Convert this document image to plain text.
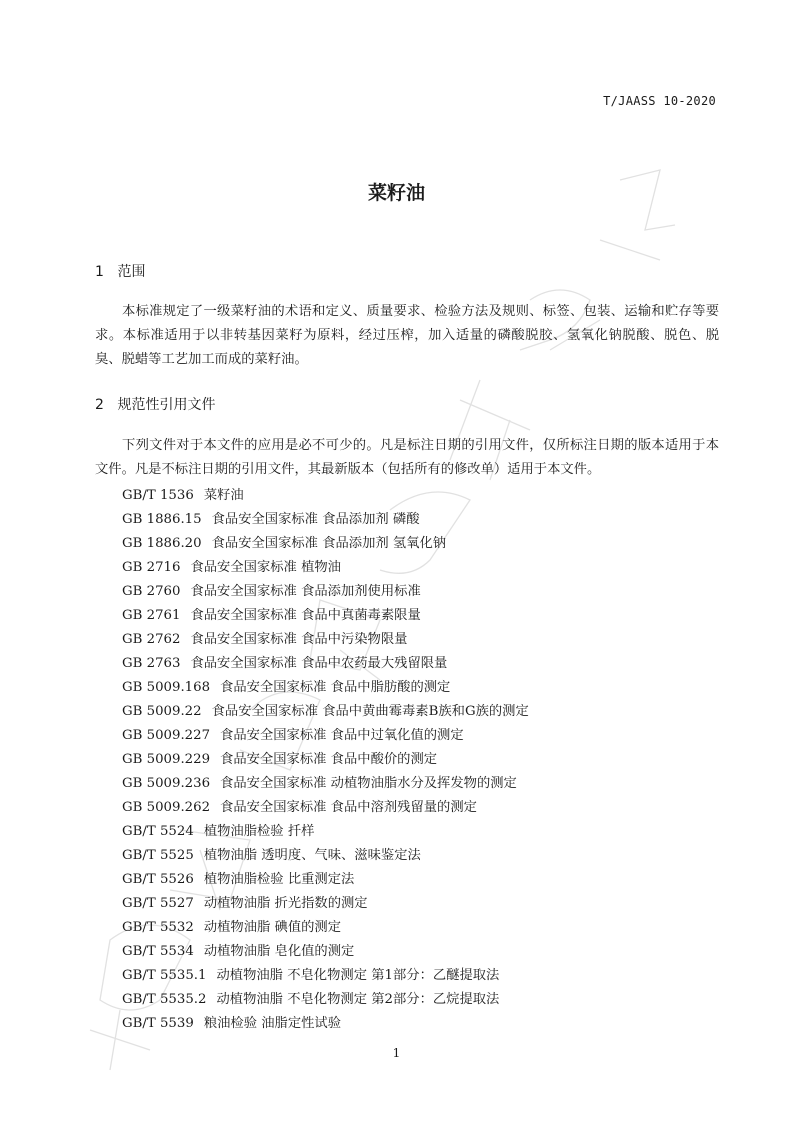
T/JAASS 10-2020
菜籽油
1 范围
本标准规定了一级菜籽油的术语和定义、质量要求、检验方法及规则、标签、包装、运输和贮存等要求。本标准适用于以非转基因菜籽为原料，经过压榨，加入适量的磷酸脱胶、氢氧化钠脱酸、脱色、脱臭、脱蜡等工艺加工而成的菜籽油。
2 规范性引用文件
下列文件对于本文件的应用是必不可少的。凡是标注日期的引用文件，仅所标注日期的版本适用于本文件。凡是不标注日期的引用文件，其最新版本（包括所有的修改单）适用于本文件。
GB/T 1536 菜籽油
GB 1886.15 食品安全国家标准 食品添加剂 磷酸
GB 1886.20 食品安全国家标准 食品添加剂 氢氧化钠
GB 2716 食品安全国家标准 植物油
GB 2760 食品安全国家标准 食品添加剂使用标准
GB 2761 食品安全国家标准 食品中真菌毒素限量
GB 2762 食品安全国家标准 食品中污染物限量
GB 2763 食品安全国家标准 食品中农药最大残留限量
GB 5009.168 食品安全国家标准 食品中脂肪酸的测定
GB 5009.22 食品安全国家标准 食品中黄曲霉毒素B族和G族的测定
GB 5009.227 食品安全国家标准 食品中过氧化值的测定
GB 5009.229 食品安全国家标准 食品中酸价的测定
GB 5009.236 食品安全国家标准 动植物油脂水分及挥发物的测定
GB 5009.262 食品安全国家标准 食品中溶剂残留量的测定
GB/T 5524 植物油脂检验 扦样
GB/T 5525 植物油脂 透明度、气味、滋味鉴定法
GB/T 5526 植物油脂检验 比重测定法
GB/T 5527 动植物油脂 折光指数的测定
GB/T 5532 动植物油脂 碘值的测定
GB/T 5534 动植物油脂 皂化值的测定
GB/T 5535.1 动植物油脂 不皂化物测定 第1部分：乙醚提取法
GB/T 5535.2 动植物油脂 不皂化物测定 第2部分：乙烷提取法
GB/T 5539 粮油检验 油脂定性试验
1
